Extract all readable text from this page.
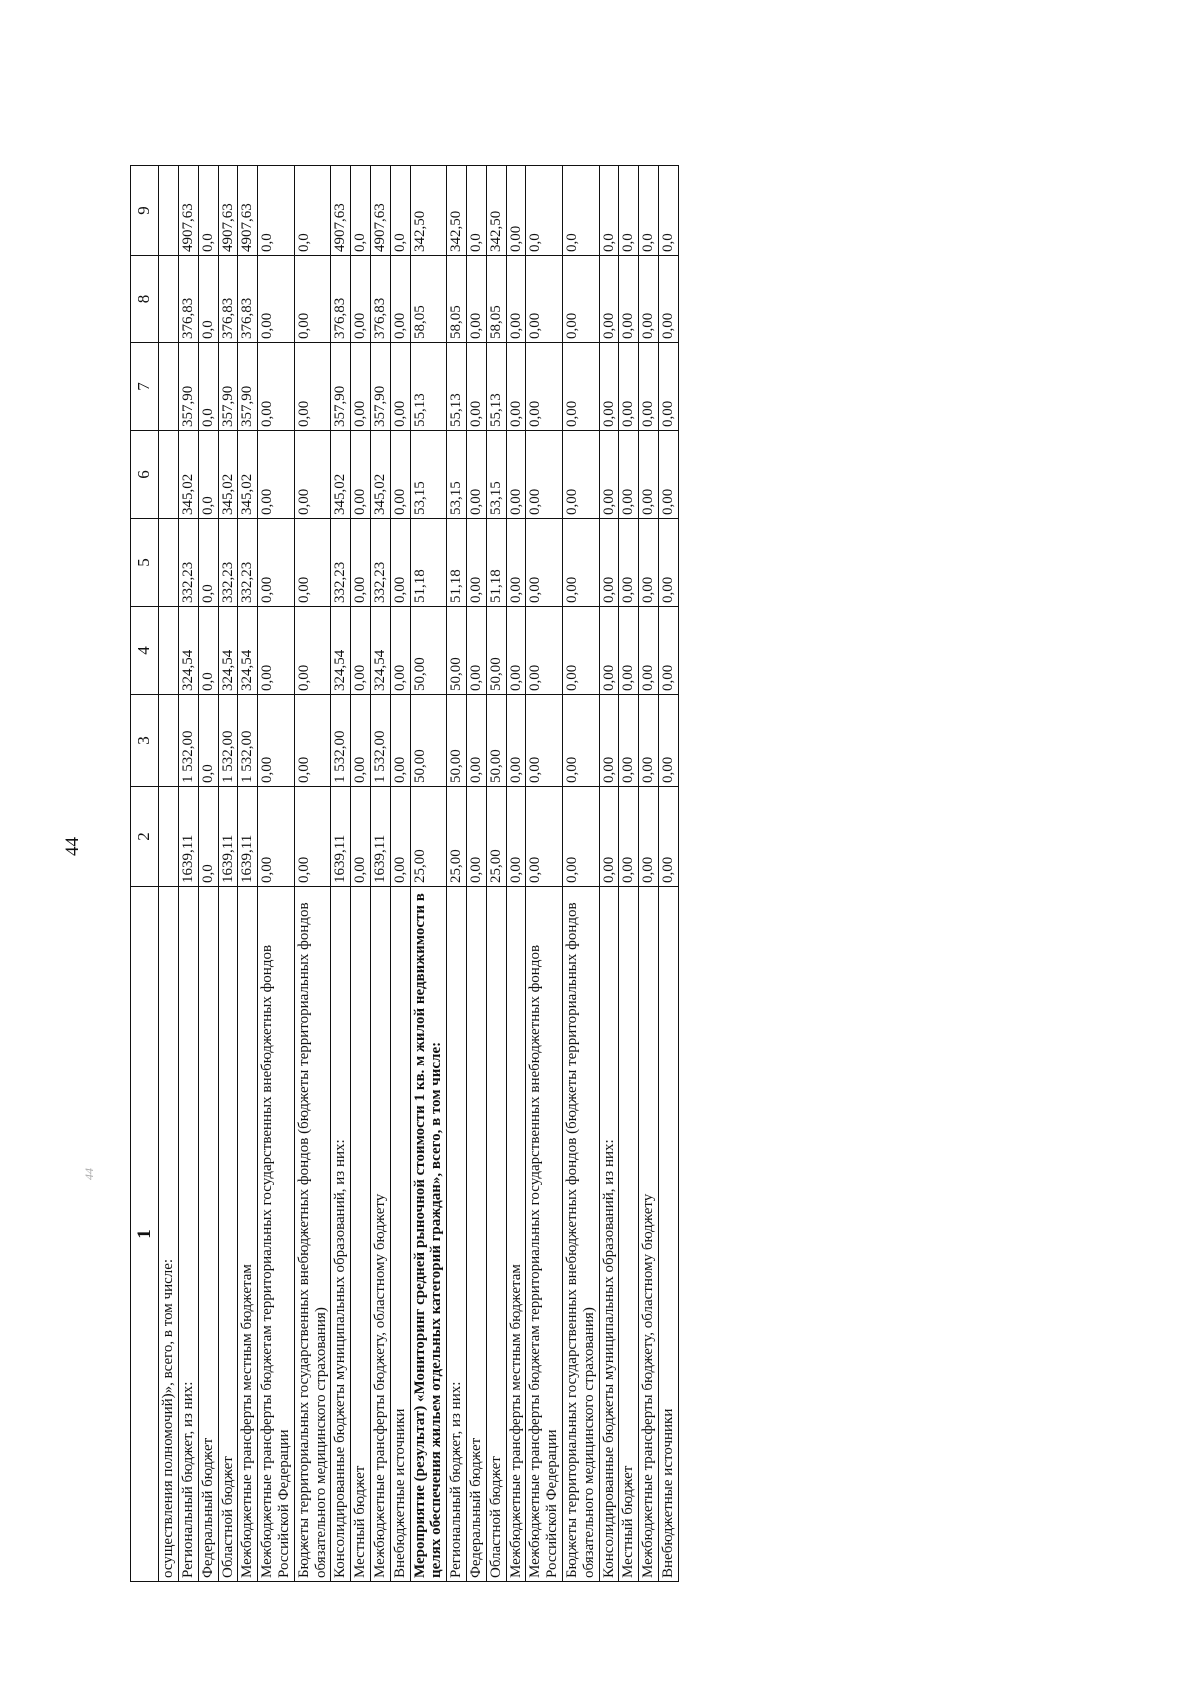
44
44
1	2	3	4	5	6	7	8	9
осуществления полномочий)», всего, в том числе:								
Региональный бюджет, из них:	1639,11	1 532,00	324,54	332,23	345,02	357,90	376,83	4907,63
Федеральный бюджет	0,0	0,0	0,0	0,0	0,0	0,0	0,0	0,0
Областной бюджет	1639,11	1 532,00	324,54	332,23	345,02	357,90	376,83	4907,63
Межбюджетные трансферты местным бюджетам	1639,11	1 532,00	324,54	332,23	345,02	357,90	376,83	4907,63
Межбюджетные трансферты бюджетам территориальных государственных внебюджетных фондов Российской Федерации	0,00	0,00	0,00	0,00	0,00	0,00	0,00	0,0
Бюджеты территориальных государственных внебюджетных фондов (бюджеты территориальных фондов обязательного медицинского страхования)	0,00	0,00	0,00	0,00	0,00	0,00	0,00	0,0
Консолидированные бюджеты муниципальных образований, из них:	1639,11	1 532,00	324,54	332,23	345,02	357,90	376,83	4907,63
Местный бюджет	0,00	0,00	0,00	0,00	0,00	0,00	0,00	0,0
Межбюджетные трансферты бюджету, областному бюджету	1639,11	1 532,00	324,54	332,23	345,02	357,90	376,83	4907,63
Внебюджетные источники	0,00	0,00	0,00	0,00	0,00	0,00	0,00	0,0
Мероприятие (результат) «Мониторинг средней рыночной стоимости 1 кв. м жилой недвижимости в целях обеспечения жильем отдельных категорий граждан», всего, в том числе:	25,00	50,00	50,00	51,18	53,15	55,13	58,05	342,50
Региональный бюджет, из них:	25,00	50,00	50,00	51,18	53,15	55,13	58,05	342,50
Федеральный бюджет	0,00	0,00	0,00	0,00	0,00	0,00	0,00	0,0
Областной бюджет	25,00	50,00	50,00	51,18	53,15	55,13	58,05	342,50
Межбюджетные трансферты местным бюджетам	0,00	0,00	0,00	0,00	0,00	0,00	0,00	0,00
Межбюджетные трансферты бюджетам территориальных государственных внебюджетных фондов Российской Федерации	0,00	0,00	0,00	0,00	0,00	0,00	0,00	0,0
Бюджеты территориальных государственных внебюджетных фондов (бюджеты территориальных фондов обязательного медицинского страхования)	0,00	0,00	0,00	0,00	0,00	0,00	0,00	0,0
Консолидированные бюджеты муниципальных образований, из них:	0,00	0,00	0,00	0,00	0,00	0,00	0,00	0,0
Местный бюджет	0,00	0,00	0,00	0,00	0,00	0,00	0,00	0,0
Межбюджетные трансферты бюджету, областному бюджету	0,00	0,00	0,00	0,00	0,00	0,00	0,00	0,0
Внебюджетные источники	0,00	0,00	0,00	0,00	0,00	0,00	0,00	0,0
